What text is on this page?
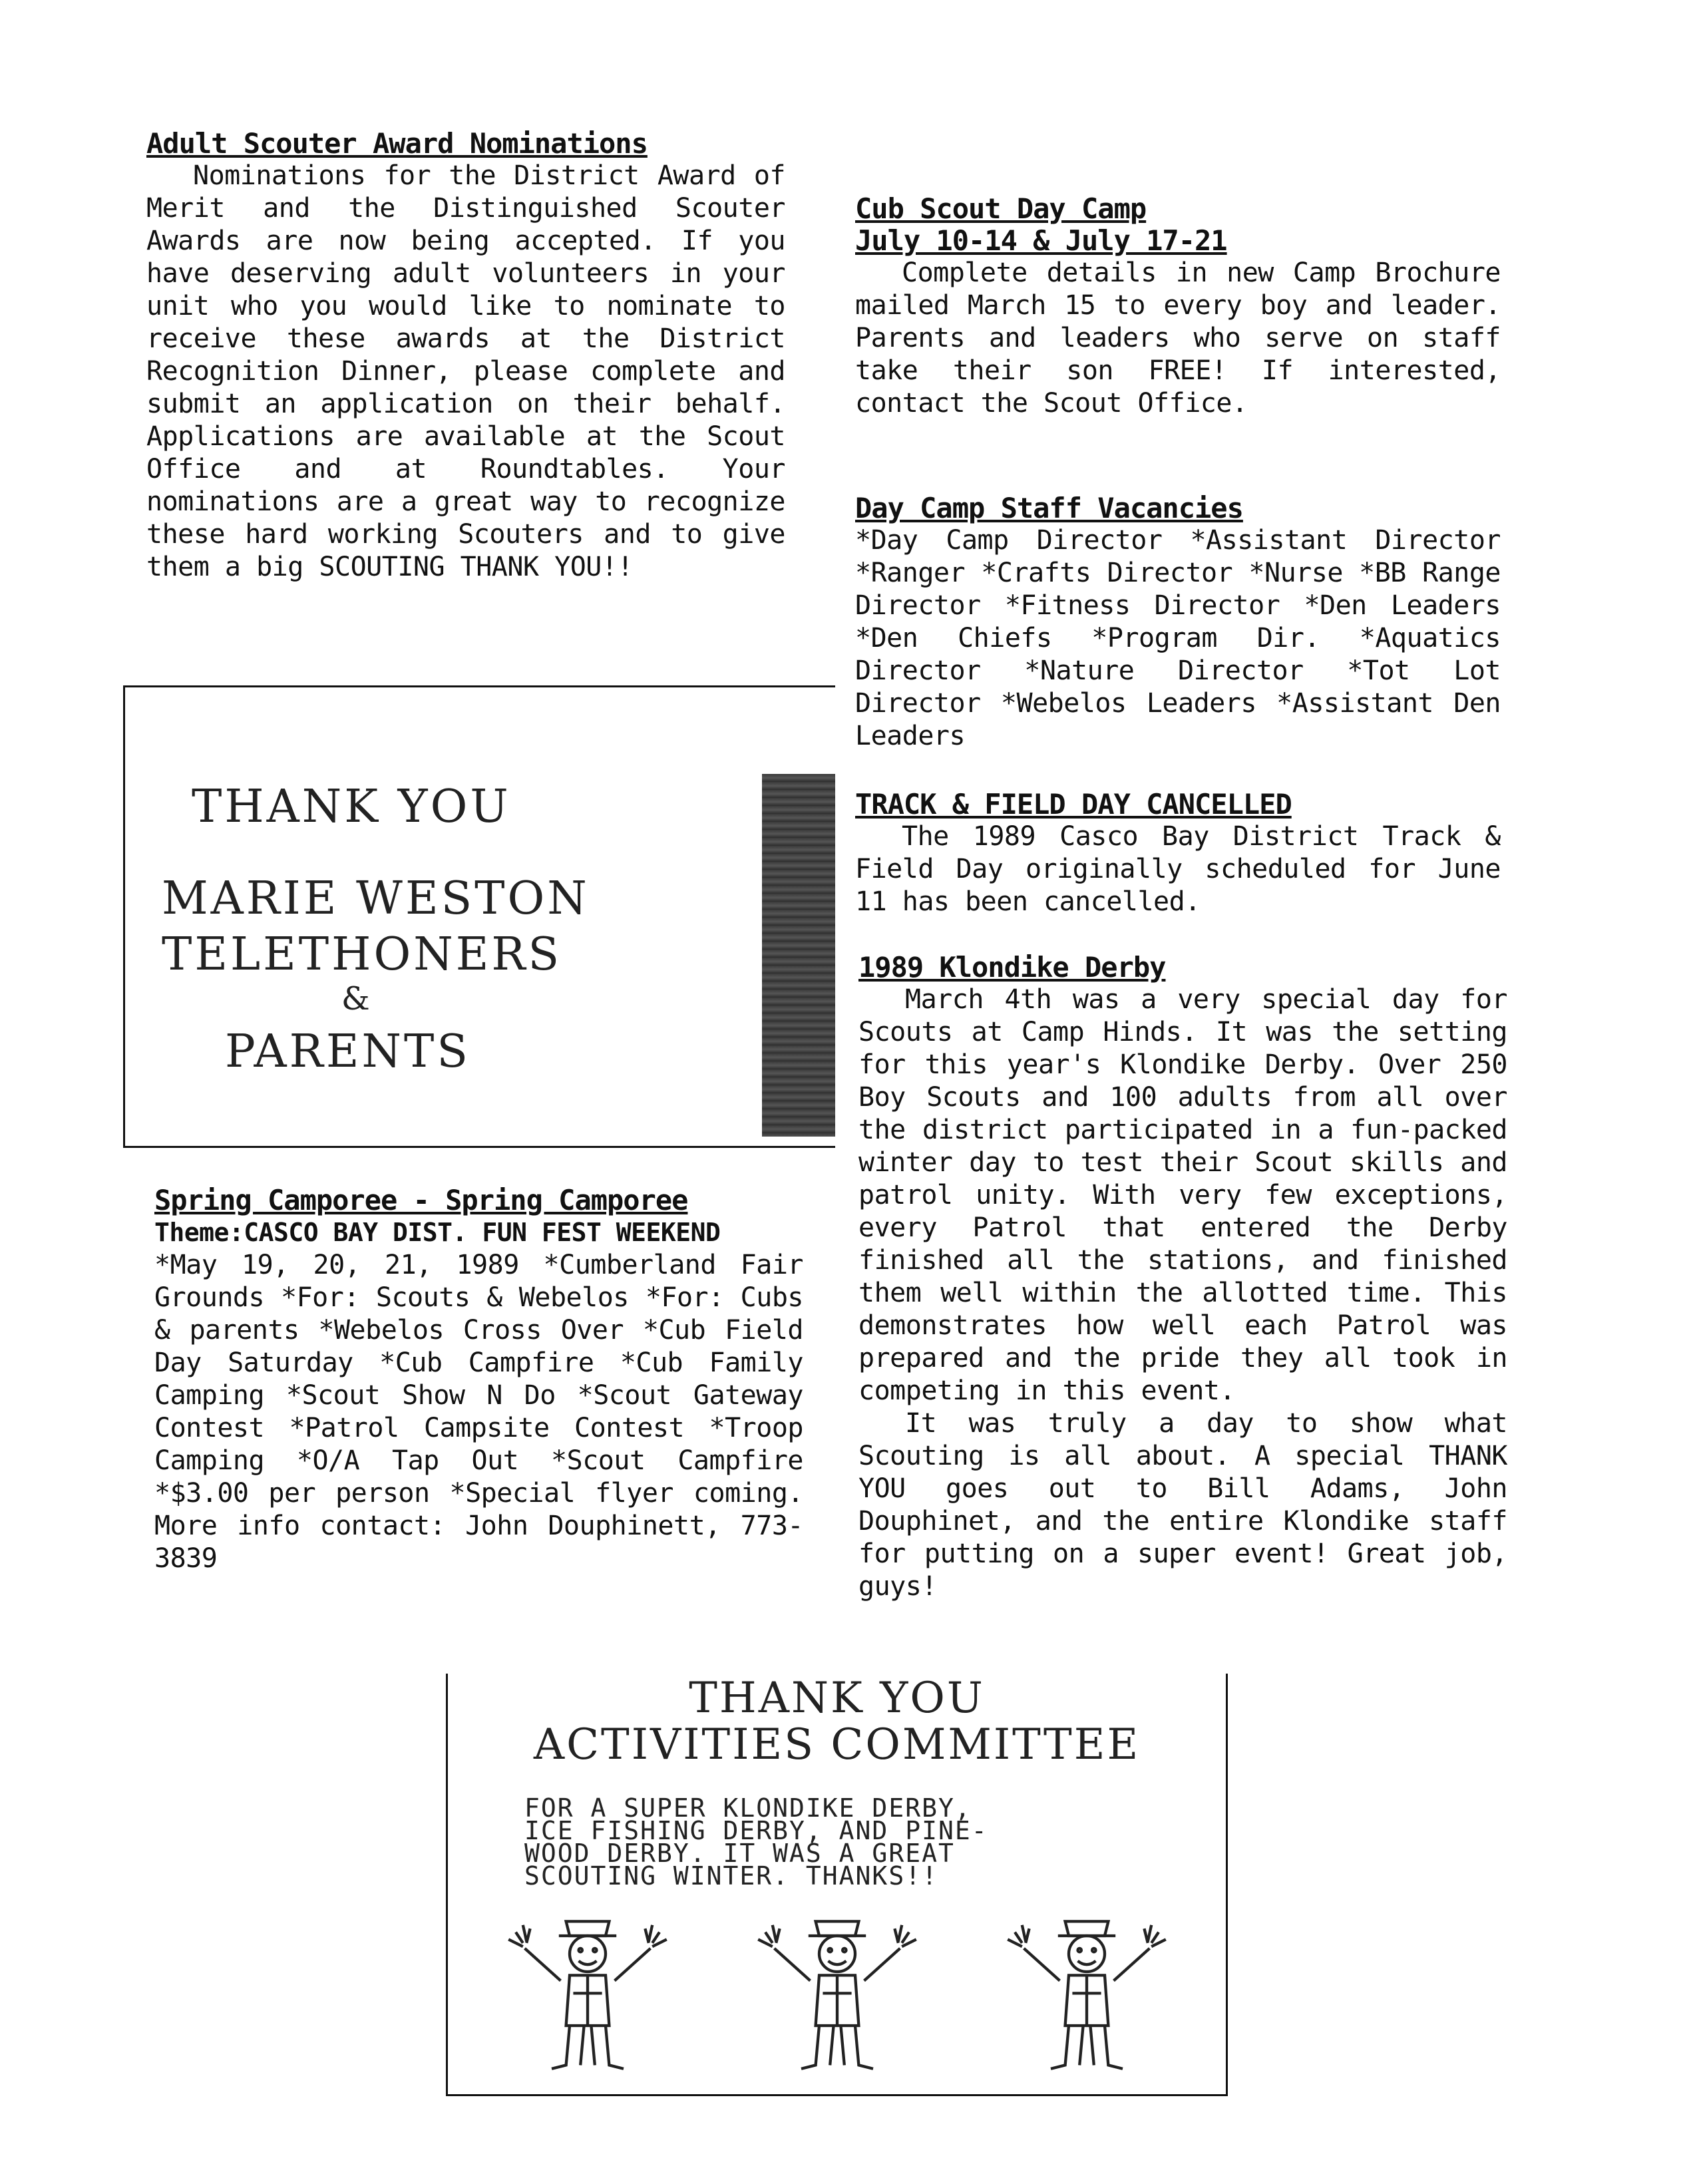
Adult Scouter Award Nominations
Nominations for the District Award of Merit and the Distinguished Scouter Awards are now being accepted. If you have deserving adult volunteers in your unit who you would like to nominate to receive these awards at the District Recognition Dinner, please complete and submit an application on their behalf. Applications are available at the Scout Office and at Roundtables. Your nominations are a great way to recognize these hard working Scouters and to give them a big SCOUTING THANK YOU!!
THANK YOU
MARIE WESTON
TELETHONERS
&
PARENTS
Spring Camporee - Spring Camporee
Theme:CASCO BAY DIST. FUN FEST WEEKEND
*May 19, 20, 21, 1989 *Cumberland Fair Grounds *For: Scouts & Webelos *For: Cubs & parents *Webelos Cross Over *Cub Field Day Saturday *Cub Campfire *Cub Family Camping *Scout Show N Do *Scout Gateway Contest *Patrol Campsite Contest *Troop Camping *O/A Tap Out *Scout Campfire *$3.00 per person *Special flyer coming. More info contact: John Douphinett, 773-3839
Cub Scout Day Camp
July 10-14 & July 17-21
Complete details in new Camp Brochure mailed March 15 to every boy and leader. Parents and leaders who serve on staff take their son FREE! If interested, contact the Scout Office.
Day Camp Staff Vacancies
*Day Camp Director *Assistant Director *Ranger *Crafts Director *Nurse *BB Range Director *Fitness Director *Den Leaders *Den Chiefs *Program Dir. *Aquatics Director *Nature Director *Tot Lot Director *Webelos Leaders *Assistant Den Leaders
TRACK & FIELD DAY CANCELLED
The 1989 Casco Bay District Track & Field Day originally scheduled for June 11 has been cancelled.
1989 Klondike Derby
March 4th was a very special day for Scouts at Camp Hinds. It was the setting for this year's Klondike Derby. Over 250 Boy Scouts and 100 adults from all over the district participated in a fun-packed winter day to test their Scout skills and patrol unity. With very few exceptions, every Patrol that entered the Derby finished all the stations, and finished them well within the allotted time. This demonstrates how well each Patrol was prepared and the pride they all took in competing in this event.
It was truly a day to show what Scouting is all about. A special THANK YOU goes out to Bill Adams, John Douphinet, and the entire Klondike staff for putting on a super event! Great job, guys!
THANK YOU
ACTIVITIES COMMITTEE
FOR A SUPER KLONDIKE DERBY,
ICE FISHING DERBY, AND PINE-
WOOD DERBY. IT WAS A GREAT
SCOUTING WINTER. THANKS!!
